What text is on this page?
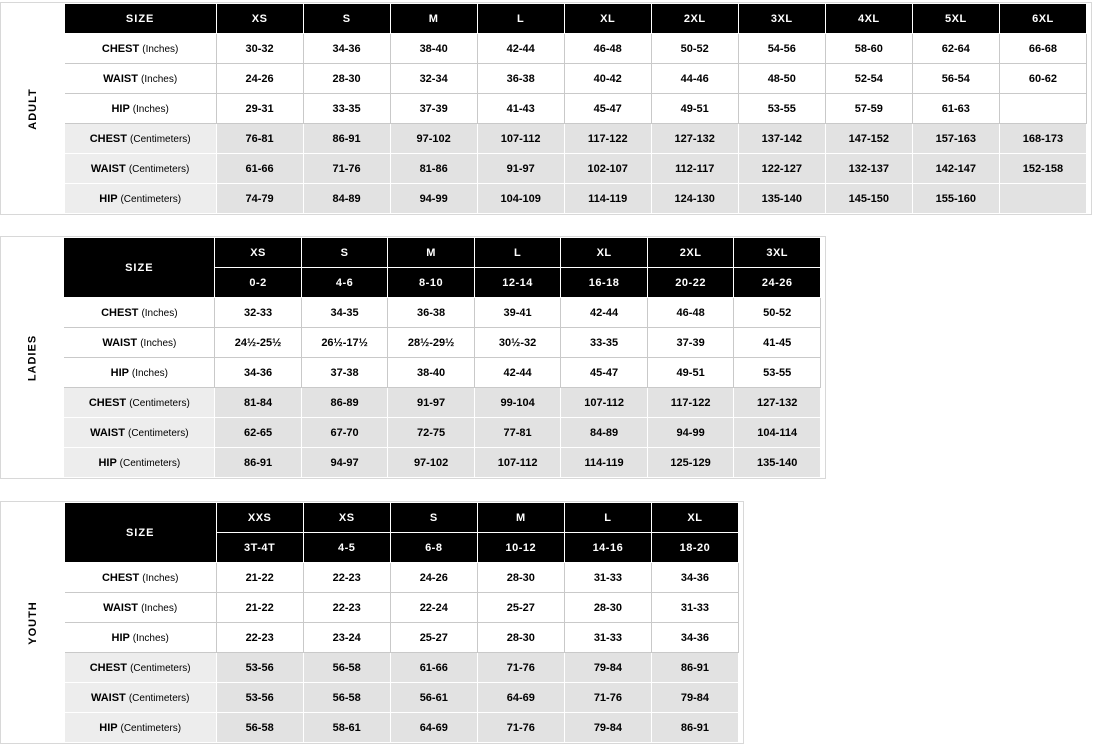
ADULT	SIZE	XS	S	M	L	XL	2XL	3XL	4XL	5XL	6XL
	CHEST (Inches)	30-32	34-36	38-40	42-44	46-48	50-52	54-56	58-60	62-64	66-68
	WAIST (Inches)	24-26	28-30	32-34	36-38	40-42	44-46	48-50	52-54	56-54	60-62
	HIP (Inches)	29-31	33-35	37-39	41-43	45-47	49-51	53-55	57-59	61-63	
	CHEST (Centimeters)	76-81	86-91	97-102	107-112	117-122	127-132	137-142	147-152	157-163	168-173
	WAIST (Centimeters)	61-66	71-76	81-86	91-97	102-107	112-117	122-127	132-137	142-147	152-158
	HIP (Centimeters)	74-79	84-89	94-99	104-109	114-119	124-130	135-140	145-150	155-160	
LADIES	SIZE	XS	S	M	L	XL	2XL	3XL
		0-2	4-6	8-10	12-14	16-18	20-22	24-26
	CHEST (Inches)	32-33	34-35	36-38	39-41	42-44	46-48	50-52
	WAIST (Inches)	24½-25½	26½-17½	28½-29½	30½-32	33-35	37-39	41-45
	HIP (Inches)	34-36	37-38	38-40	42-44	45-47	49-51	53-55
	CHEST (Centimeters)	81-84	86-89	91-97	99-104	107-112	117-122	127-132
	WAIST (Centimeters)	62-65	67-70	72-75	77-81	84-89	94-99	104-114
	HIP (Centimeters)	86-91	94-97	97-102	107-112	114-119	125-129	135-140
YOUTH	SIZE	XXS	XS	S	M	L	XL
		3T-4T	4-5	6-8	10-12	14-16	18-20
	CHEST (Inches)	21-22	22-23	24-26	28-30	31-33	34-36
	WAIST (Inches)	21-22	22-23	22-24	25-27	28-30	31-33
	HIP (Inches)	22-23	23-24	25-27	28-30	31-33	34-36
	CHEST (Centimeters)	53-56	56-58	61-66	71-76	79-84	86-91
	WAIST (Centimeters)	53-56	56-58	56-61	64-69	71-76	79-84
	HIP (Centimeters)	56-58	58-61	64-69	71-76	79-84	86-91
